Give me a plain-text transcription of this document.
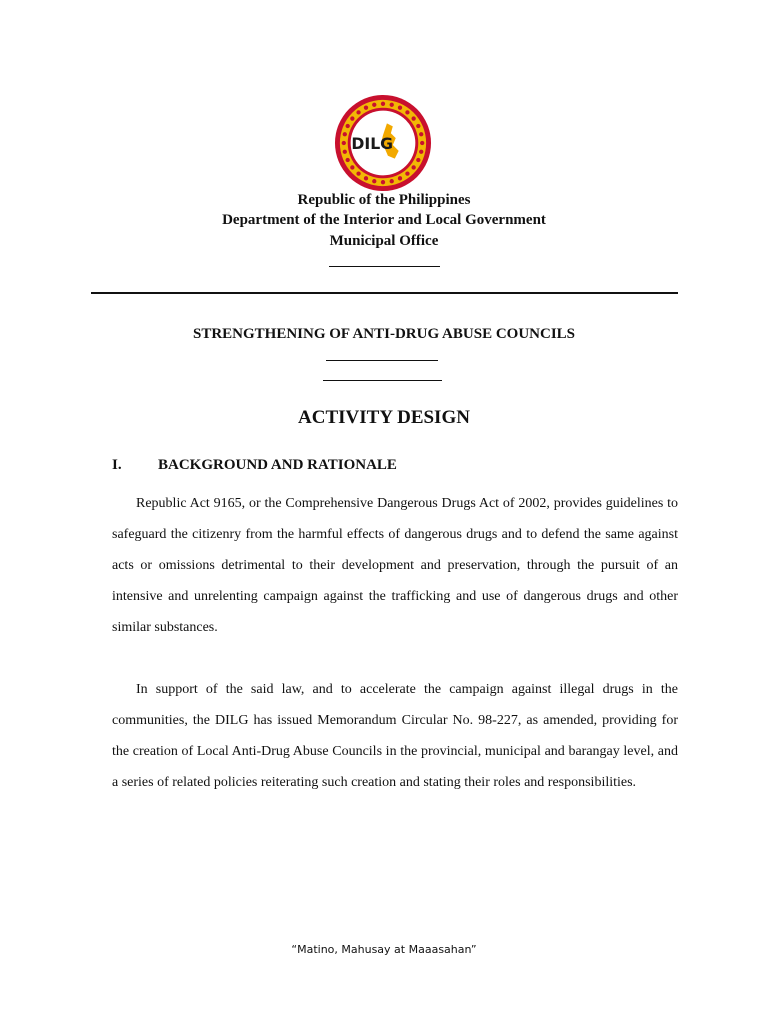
DILG
Republic of the Philippines
Department of the Interior and Local Government
Municipal Office
STRENGTHENING OF ANTI-DRUG ABUSE COUNCILS
ACTIVITY DESIGN
I. BACKGROUND AND RATIONALE

Republic Act 9165, or the Comprehensive Dangerous Drugs Act of 2002, provides guidelines to safeguard the citizenry from the harmful effects of dangerous drugs and to defend the same against acts or omissions detrimental to their development and preservation, through the pursuit of an intensive and unrelenting campaign against the trafficking and use of dangerous drugs and other similar substances.

In support of the said law, and to accelerate the campaign against illegal drugs in the communities, the DILG has issued Memorandum Circular No. 98-227, as amended, providing for the creation of Local Anti-Drug Abuse Councils in the provincial, municipal and barangay level, and a series of related policies reiterating such creation and stating their roles and responsibilities.

“Matino, Mahusay at Maaasahan”
